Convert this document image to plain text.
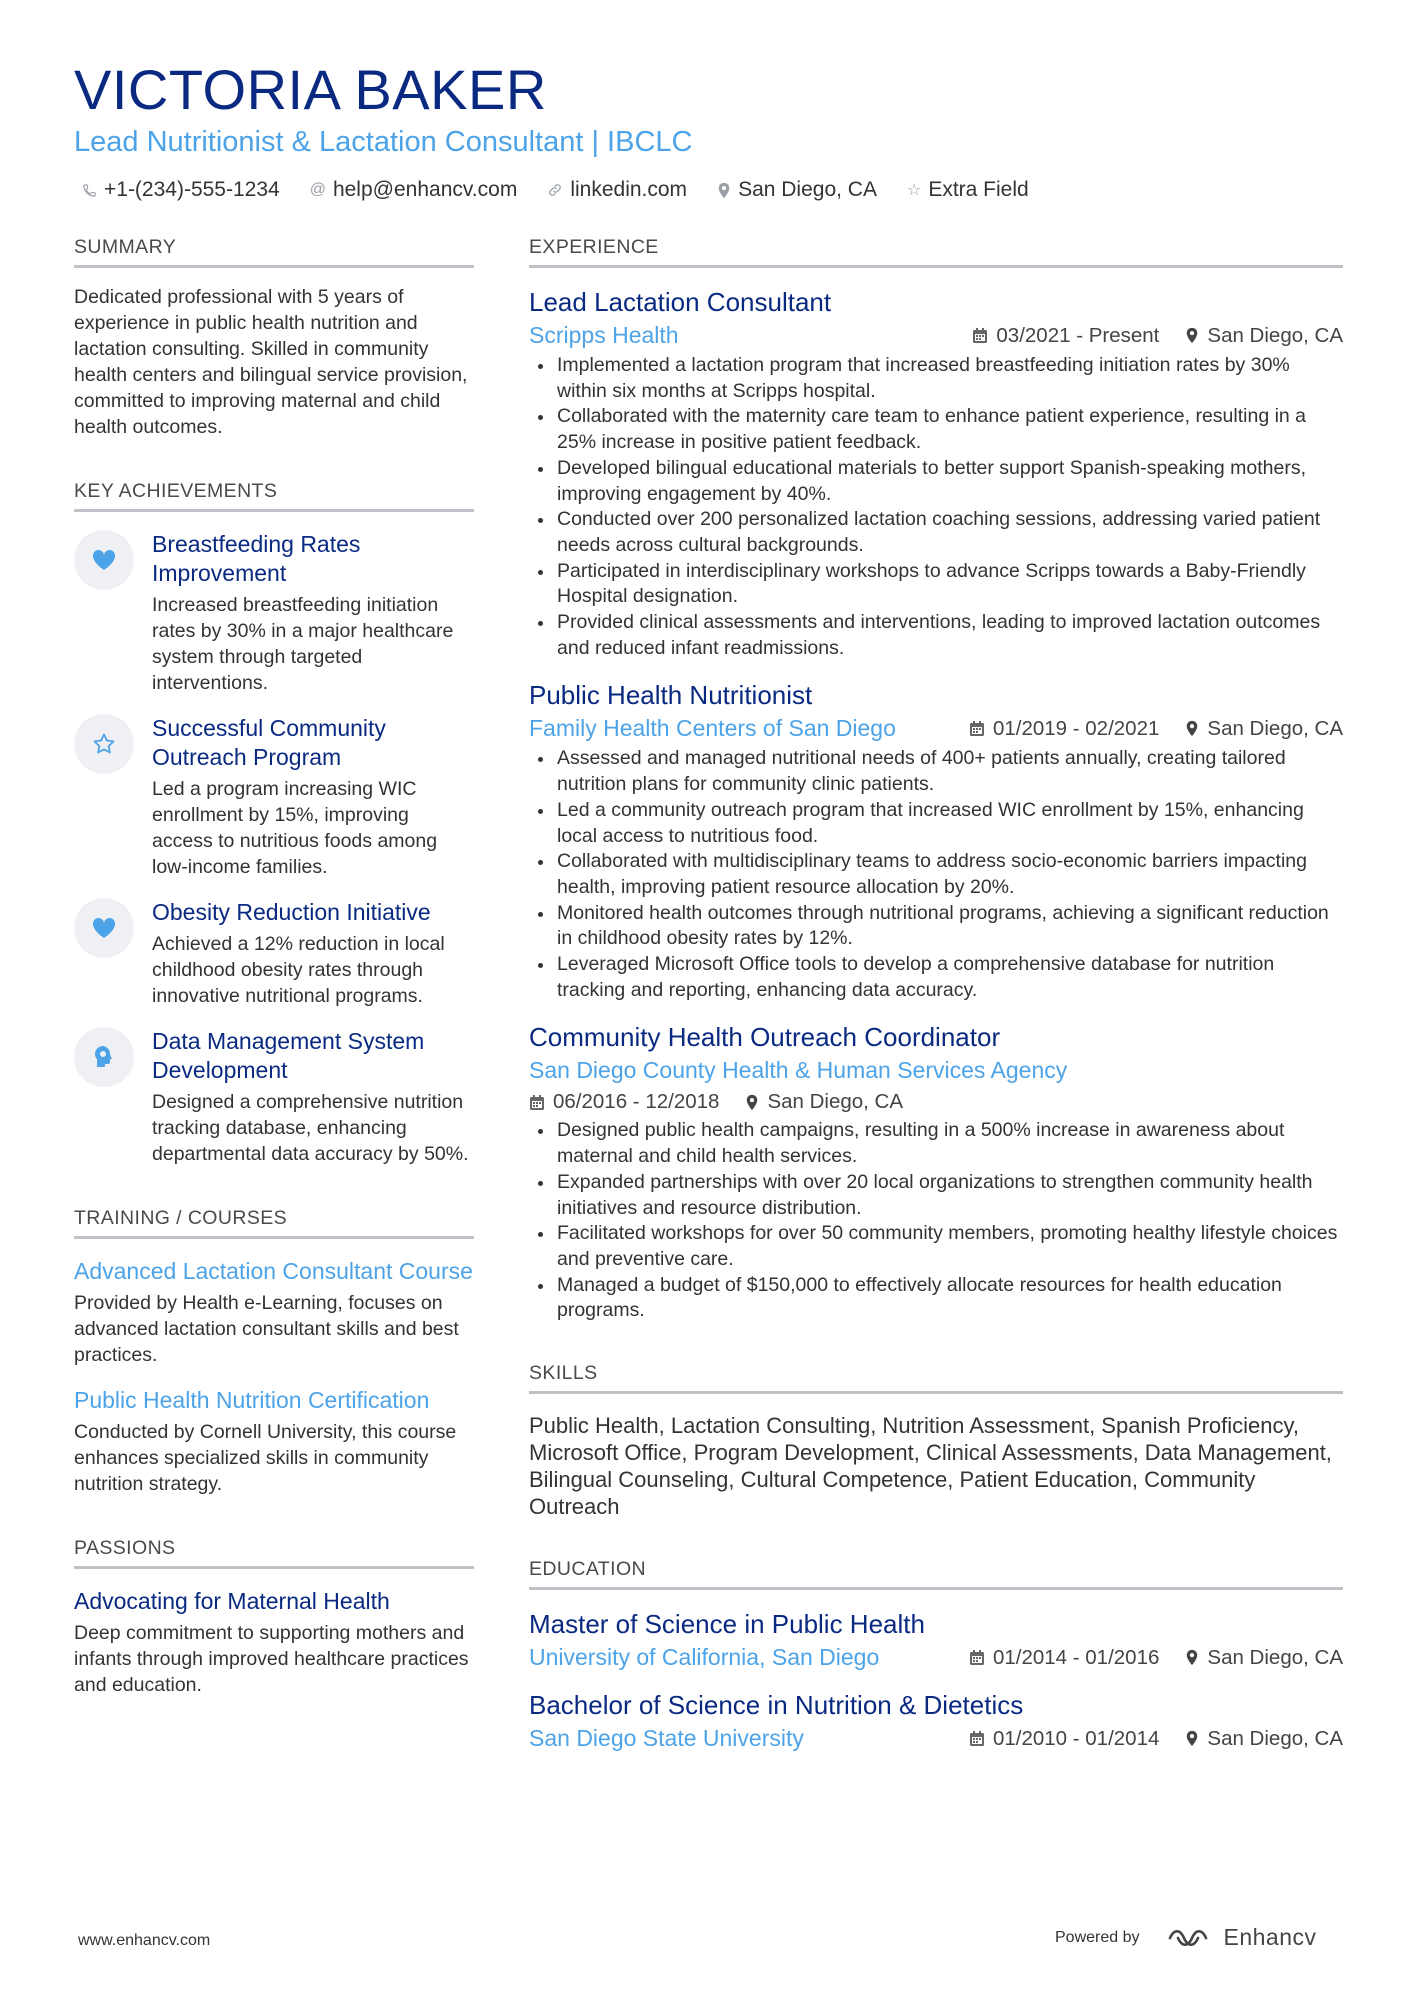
VICTORIA BAKER
Lead Nutritionist & Lactation Consultant | IBCLC
+1-(234)-555-1234 @ help@enhancv.com	linkedin.com San Diego, CA ☆ Extra Field
SUMMARY
Dedicated professional with 5 years of experience in public health nutrition and lactation consulting. Skilled in community health centers and bilingual service provision, committed to improving maternal and child health outcomes.
KEY ACHIEVEMENTS
Breastfeeding Rates Improvement
Increased breastfeeding initiation rates by 30% in a major healthcare system through targeted interventions.
Successful Community Outreach Program
Led a program increasing WIC enrollment by 15%, improving access to nutritious foods among low-income families.
Obesity Reduction Initiative
Achieved a 12% reduction in local childhood obesity rates through innovative nutritional programs.
Data Management System Development
Designed a comprehensive nutrition tracking database, enhancing departmental data accuracy by 50%.
TRAINING / COURSES
Advanced Lactation Consultant Course
Provided by Health e-Learning, focuses on advanced lactation consultant skills and best practices.
Public Health Nutrition Certification
Conducted by Cornell University, this course enhances specialized skills in community nutrition strategy.
PASSIONS
Advocating for Maternal Health
Deep commitment to supporting mothers and infants through improved healthcare practices and education.
EXPERIENCE
Lead Lactation Consultant
Scripps Health	03/2021 - Present San Diego, CA
Implemented a lactation program that increased breastfeeding initiation rates by 30% within six months at Scripps hospital.
Collaborated with the maternity care team to enhance patient experience, resulting in a 25% increase in positive patient feedback.
Developed bilingual educational materials to better support Spanish-speaking mothers, improving engagement by 40%.
Conducted over 200 personalized lactation coaching sessions, addressing varied patient needs across cultural backgrounds.
Participated in interdisciplinary workshops to advance Scripps towards a Baby-Friendly Hospital designation.
Provided clinical assessments and interventions, leading to improved lactation outcomes and reduced infant readmissions.
Public Health Nutritionist
Family Health Centers of San Diego	01/2019 - 02/2021 San Diego, CA
Assessed and managed nutritional needs of 400+ patients annually, creating tailored nutrition plans for community clinic patients.
Led a community outreach program that increased WIC enrollment by 15%, enhancing local access to nutritious food.
Collaborated with multidisciplinary teams to address socio-economic barriers impacting health, improving patient resource allocation by 20%.
Monitored health outcomes through nutritional programs, achieving a significant reduction in childhood obesity rates by 12%.
Leveraged Microsoft Office tools to develop a comprehensive database for nutrition tracking and reporting, enhancing data accuracy.
Community Health Outreach Coordinator
San Diego County Health & Human Services Agency
06/2016 - 12/2018 San Diego, CA
Designed public health campaigns, resulting in a 500% increase in awareness about maternal and child health services.
Expanded partnerships with over 20 local organizations to strengthen community health initiatives and resource distribution.
Facilitated workshops for over 50 community members, promoting healthy lifestyle choices and preventive care.
Managed a budget of $150,000 to effectively allocate resources for health education programs.
SKILLS
Public Health, Lactation Consulting, Nutrition Assessment, Spanish Proficiency, Microsoft Office, Program Development, Clinical Assessments, Data Management, Bilingual Counseling, Cultural Competence, Patient Education, Community Outreach
EDUCATION
Master of Science in Public Health
University of California, San Diego	01/2014 - 01/2016 San Diego, CA
Bachelor of Science in Nutrition & Dietetics
San Diego State University	01/2010 - 01/2014 San Diego, CA
www.enhancv.com	Powered by	Enhancv
